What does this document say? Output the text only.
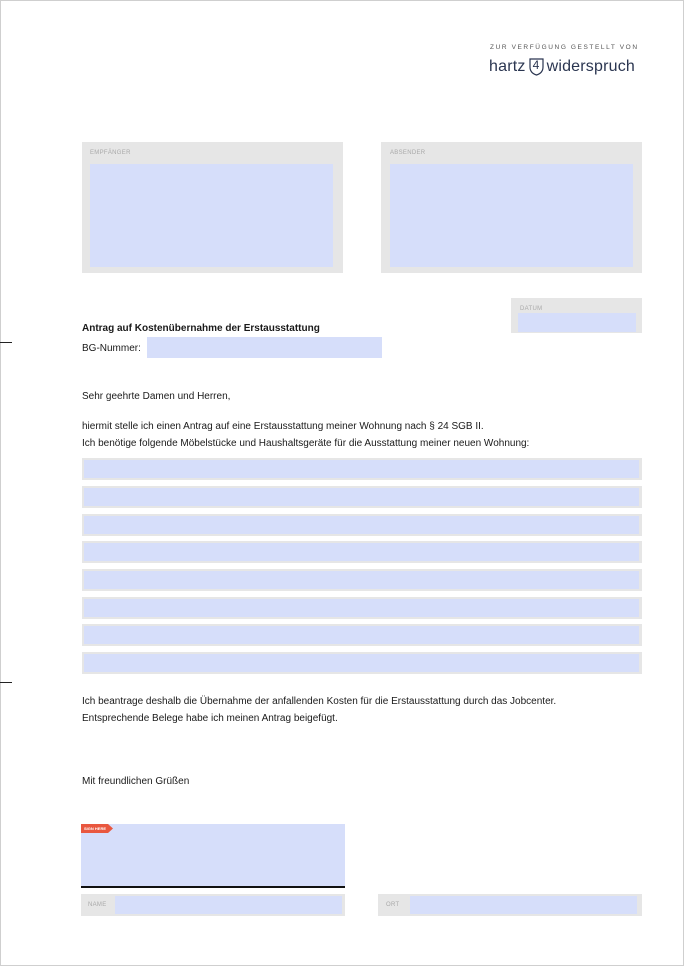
ZUR VERFÜGUNG GESTELLT VON
hartz 4 widerspruch
EMPFÄNGER	ABSENDER
DATUM
Antrag auf Kostenübernahme der Erstausstattung
BG-Nummer:
Sehr geehrte Damen und Herren,
hiermit stelle ich einen Antrag auf eine Erstausstattung meiner Wohnung nach § 24 SGB II.
Ich benötige folgende Möbelstücke und Haushaltsgeräte für die Ausstattung meiner neuen Wohnung:
Ich beantrage deshalb die Übernahme der anfallenden Kosten für die Erstausstattung durch das Jobcenter.
Entsprechende Belege habe ich meinen Antrag beigefügt.
Mit freundlichen Grüßen
SIGN HERE
NAME	ORT
